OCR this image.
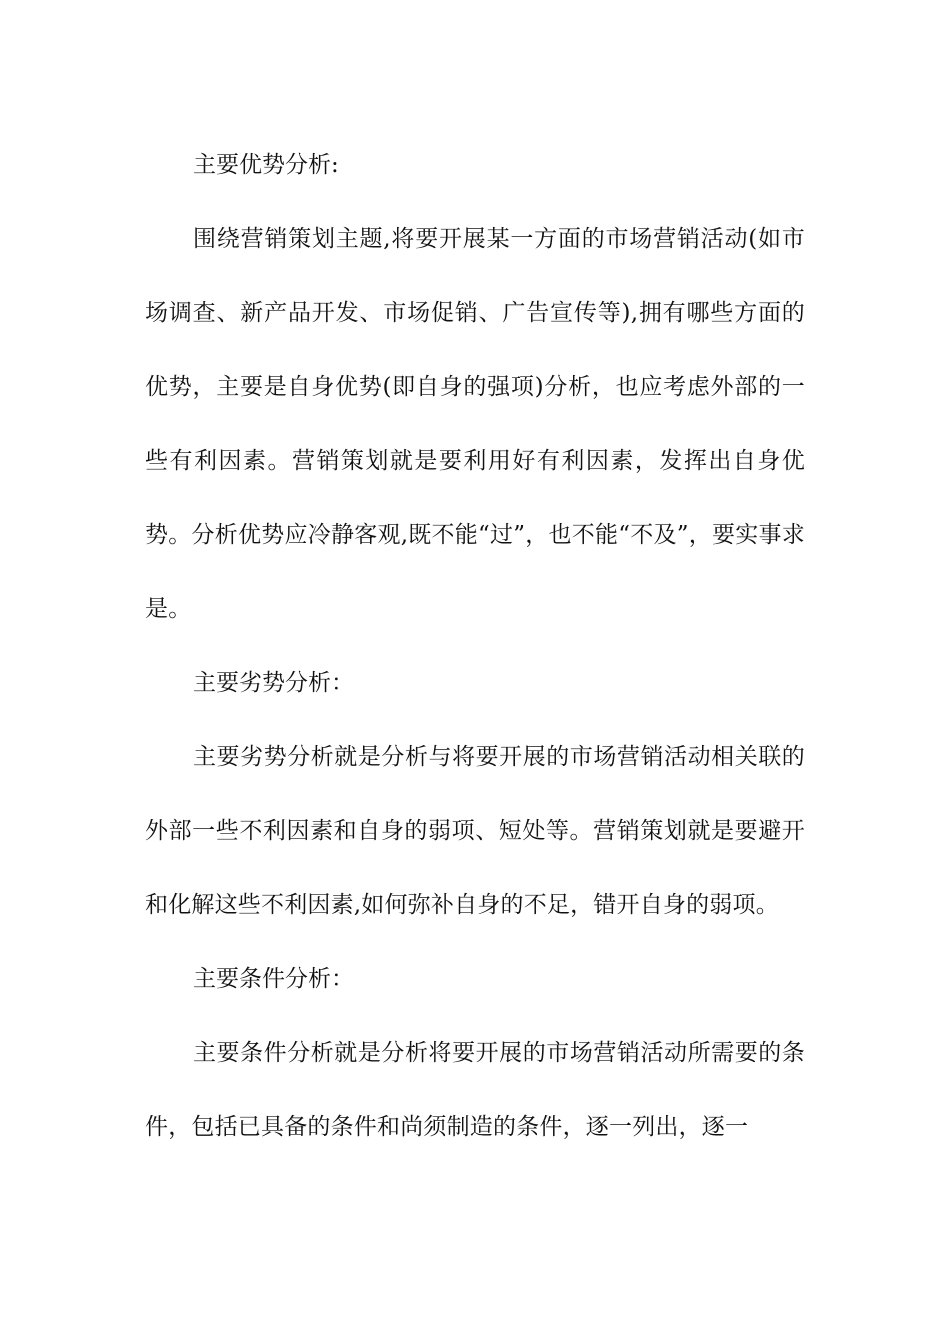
主要优势分析:

围绕营销策划主题,将要开展某一方面的市场营销活动(如市场调查、新产品开发、市场促销、广告宣传等),拥有哪些方面的优势，主要是自身优势(即自身的强项)分析，也应考虑外部的一些有利因素。营销策划就是要利用好有利因素，发挥出自身优势。分析优势应冷静客观,既不能“过”，也不能“不及”，要实事求是。

主要劣势分析：

主要劣势分析就是分析与将要开展的市场营销活动相关联的外部一些不利因素和自身的弱项、短处等。营销策划就是要避开和化解这些不利因素,如何弥补自身的不足，错开自身的弱项。

主要条件分析：

主要条件分析就是分析将要开展的市场营销活动所需要的条件，包括已具备的条件和尚须制造的条件，逐一列出，逐一
